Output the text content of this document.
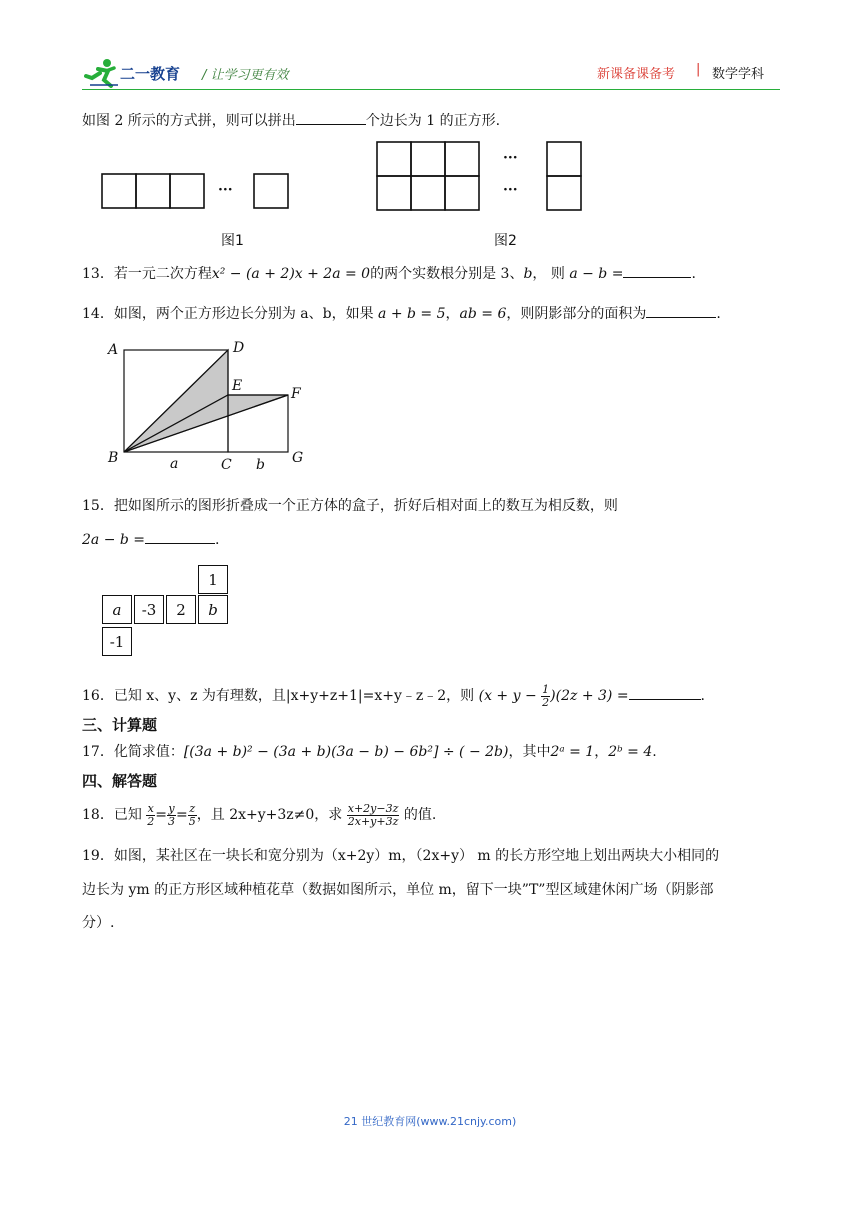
二一教育 / 让学习更有效	新课备课备考 | 数学学科
如图 2 所示的方式拼，则可以拼出	个边长为 1 的正方形.
···
图1
···
···
图2
13．若一元二次方程x² − (a + 2)x + 2a = 0的两个实数根分别是 3、b， 则 a − b =	.
14．如图，两个正方形边长分别为 a、b，如果 a + b = 5，ab = 6，则阴影部分的面积为	.
A	D
E	F
B	C	G
a	b
15．把如图所示的图形折叠成一个正方体的盒子，折好后相对面上的数互为相反数，则
2a − b =	.
1
a -3 2 b
-1
16．已知 x、y、z 为有理数，且|x+y+z+1|=x+y﹣z﹣2，则 $(x + y - \frac{1}{2} )(2z + 3)$ =	.
三、计算题
17．化简求值：[(3a + b)² − (3a + b)(3a − b) − 6b²] ÷ ( − 2b)，其中2ᵃ = 1，2ᵇ = 4.
四、解答题
18．已知 $\frac{x}{2} = \frac{y}{3} = \frac{z}{5}$ ，且 2x+y+3z≠0，求 $\frac{x+2y-3z}{2x+y+3z}$ 的值.
19．如图，某社区在一块长和宽分别为（x+2y）m，（2x+y） m 的长方形空地上划出两块大小相同的
边长为 ym 的正方形区域种植花草（数据如图所示，单位 m，留下一块”T”型区域建休闲广场（阴影部
分）.
21 世纪教育网(www.21cnjy.com)
